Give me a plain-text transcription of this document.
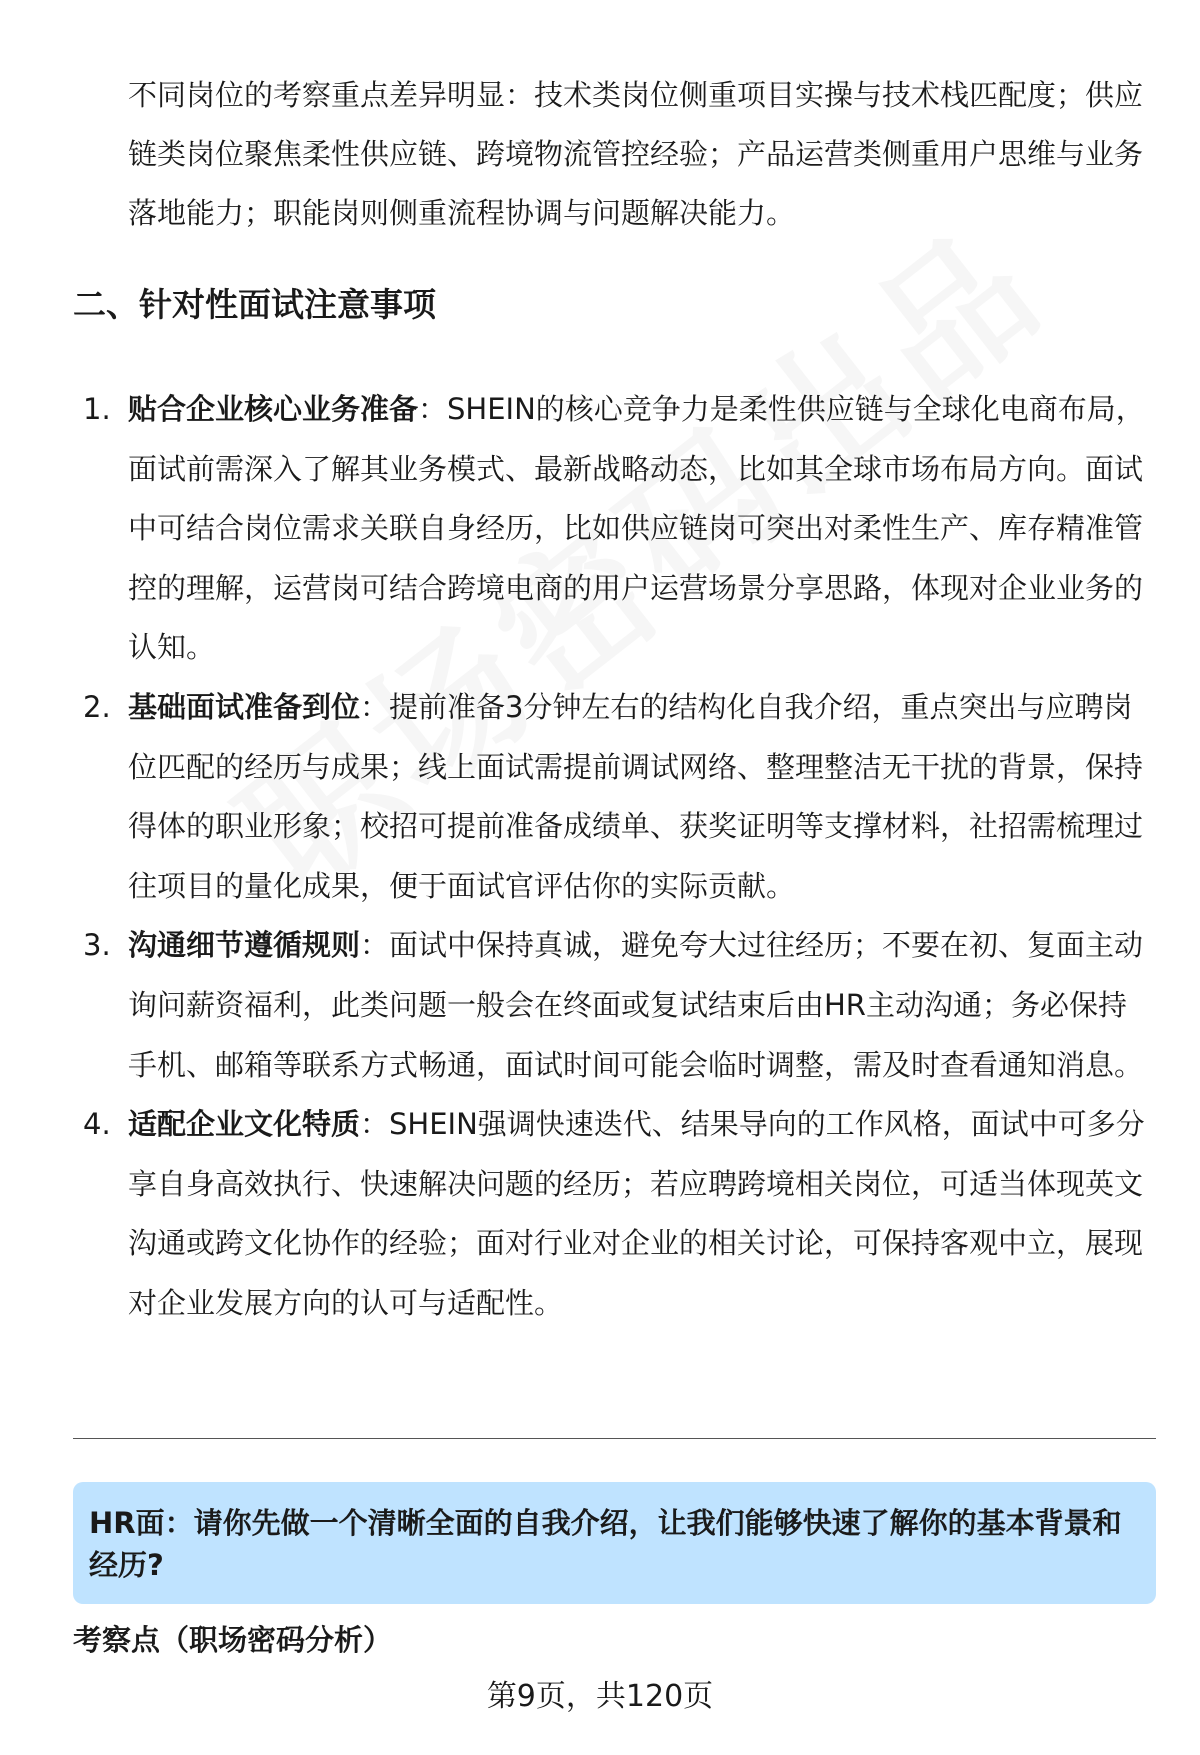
不同岗位的考察重点差异明显：技术类岗位侧重项目实操与技术栈匹配度；供应链类岗位聚焦柔性供应链、跨境物流管控经验；产品运营类侧重用户思维与业务落地能力；职能岗则侧重流程协调与问题解决能力。

二、针对性面试注意事项
1. 贴合企业核心业务准备：SHEIN的核心竞争力是柔性供应链与全球化电商布局，面试前需深入了解其业务模式、最新战略动态，比如其全球市场布局方向。面试中可结合岗位需求关联自身经历，比如供应链岗可突出对柔性生产、库存精准管控的理解，运营岗可结合跨境电商的用户运营场景分享思路，体现对企业业务的认知。
2. 基础面试准备到位：提前准备3分钟左右的结构化自我介绍，重点突出与应聘岗位匹配的经历与成果；线上面试需提前调试网络、整理整洁无干扰的背景，保持得体的职业形象；校招可提前准备成绩单、获奖证明等支撑材料，社招需梳理过往项目的量化成果，便于面试官评估你的实际贡献。
3. 沟通细节遵循规则：面试中保持真诚，避免夸大过往经历；不要在初、复面主动询问薪资福利，此类问题一般会在终面或复试结束后由HR主动沟通；务必保持手机、邮箱等联系方式畅通，面试时间可能会临时调整，需及时查看通知消息。
4. 适配企业文化特质：SHEIN强调快速迭代、结果导向的工作风格，面试中可多分享自身高效执行、快速解决问题的经历；若应聘跨境相关岗位，可适当体现英文沟通或跨文化协作的经验；面对行业对企业的相关讨论，可保持客观中立，展现对企业发展方向的认可与适配性。

HR面：请你先做一个清晰全面的自我介绍，让我们能够快速了解你的基本背景和经历?

考察点（职场密码分析）
第9页，共120页
